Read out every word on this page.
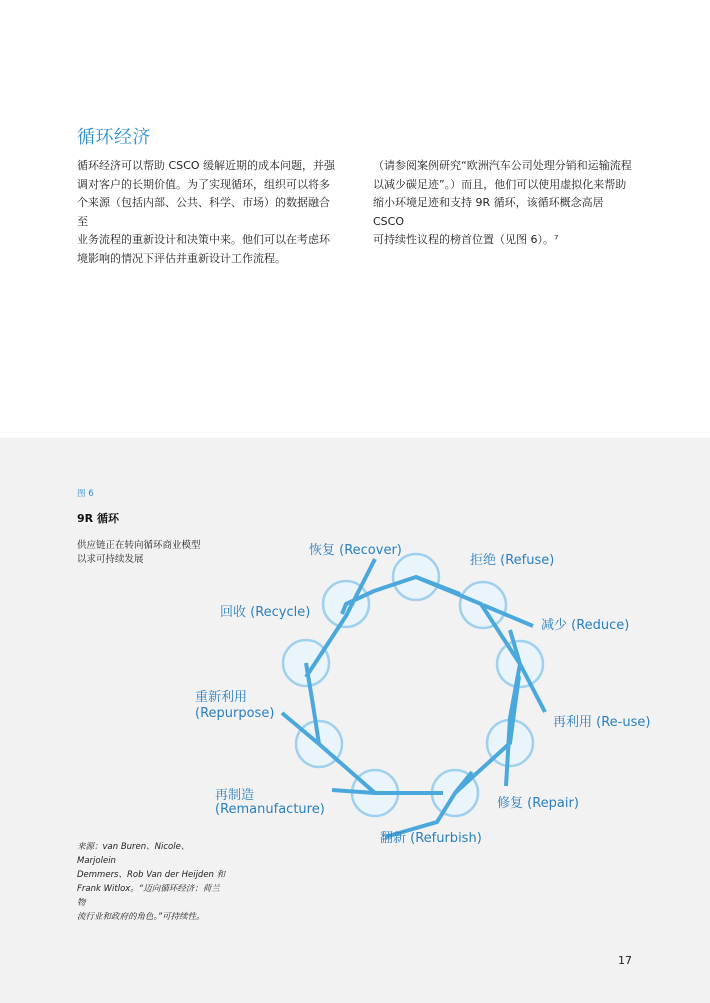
循环经济
循环经济可以帮助 CSCO 缓解近期的成本问题，并强
调对客户的长期价值。为了实现循环，组织可以将多
个来源（包括内部、公共、科学、市场）的数据融合至
业务流程的重新设计和决策中来。他们可以在考虑环
境影响的情况下评估并重新设计工作流程。
（请参阅案例研究“欧洲汽车公司处理分销和运输流程
以减少碳足迹”。）而且，他们可以使用虚拟化来帮助
缩小环境足迹和支持 9R 循环，该循环概念高居 CSCO
可持续性议程的榜首位置（见图 6）。⁷
图 6
9R 循环
供应链正在转向循环商业模型
以求可持续发展
恢复 (Recover)
拒绝 (Refuse)
减少 (Reduce)
再利用 (Re-use)
修复 (Repair)
翻新 (Refurbish)
再制造
(Remanufacture)
重新利用
(Repurpose)
回收 (Recycle)
来源：van Buren、Nicole、Marjolein
Demmers、Rob Van der Heijden 和
Frank Witlox。“迈向循环经济：荷兰物
流行业和政府的角色。”可持续性。
17
